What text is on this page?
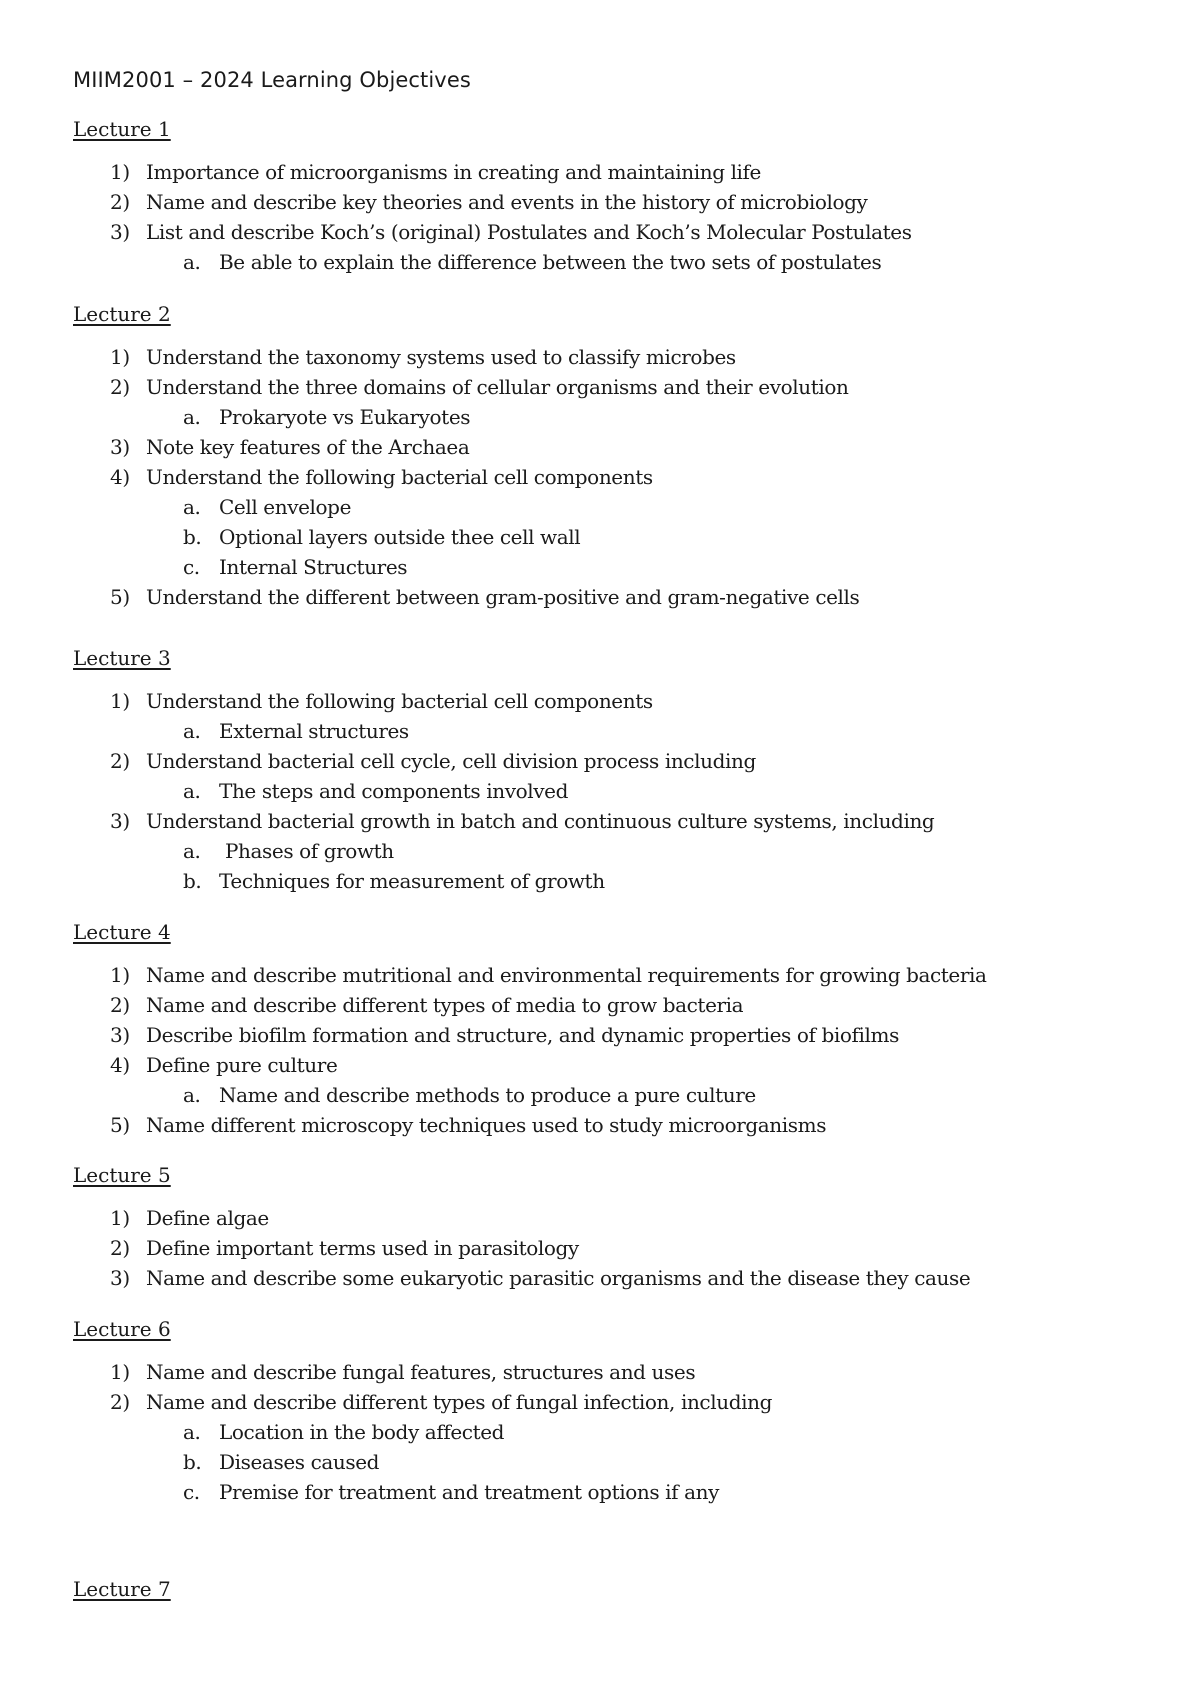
MIIM2001 – 2024 Learning Objectives
Lecture 1
1) Importance of microorganisms in creating and maintaining life
2) Name and describe key theories and events in the history of microbiology
3) List and describe Koch’s (original) Postulates and Koch’s Molecular Postulates
a. Be able to explain the difference between the two sets of postulates
Lecture 2
1) Understand the taxonomy systems used to classify microbes
2) Understand the three domains of cellular organisms and their evolution
a. Prokaryote vs Eukaryotes
3) Note key features of the Archaea
4) Understand the following bacterial cell components
a. Cell envelope
b. Optional layers outside thee cell wall
c. Internal Structures
5) Understand the different between gram-positive and gram-negative cells
Lecture 3
1) Understand the following bacterial cell components
a. External structures
2) Understand bacterial cell cycle, cell division process including
a. The steps and components involved
3) Understand bacterial growth in batch and continuous culture systems, including
a. Phases of growth
b. Techniques for measurement of growth
Lecture 4
1) Name and describe mutritional and environmental requirements for growing bacteria
2) Name and describe different types of media to grow bacteria
3) Describe biofilm formation and structure, and dynamic properties of biofilms
4) Define pure culture
a. Name and describe methods to produce a pure culture
5) Name different microscopy techniques used to study microorganisms
Lecture 5
1) Define algae
2) Define important terms used in parasitology
3) Name and describe some eukaryotic parasitic organisms and the disease they cause
Lecture 6
1) Name and describe fungal features, structures and uses
2) Name and describe different types of fungal infection, including
a. Location in the body affected
b. Diseases caused
c. Premise for treatment and treatment options if any
Lecture 7
